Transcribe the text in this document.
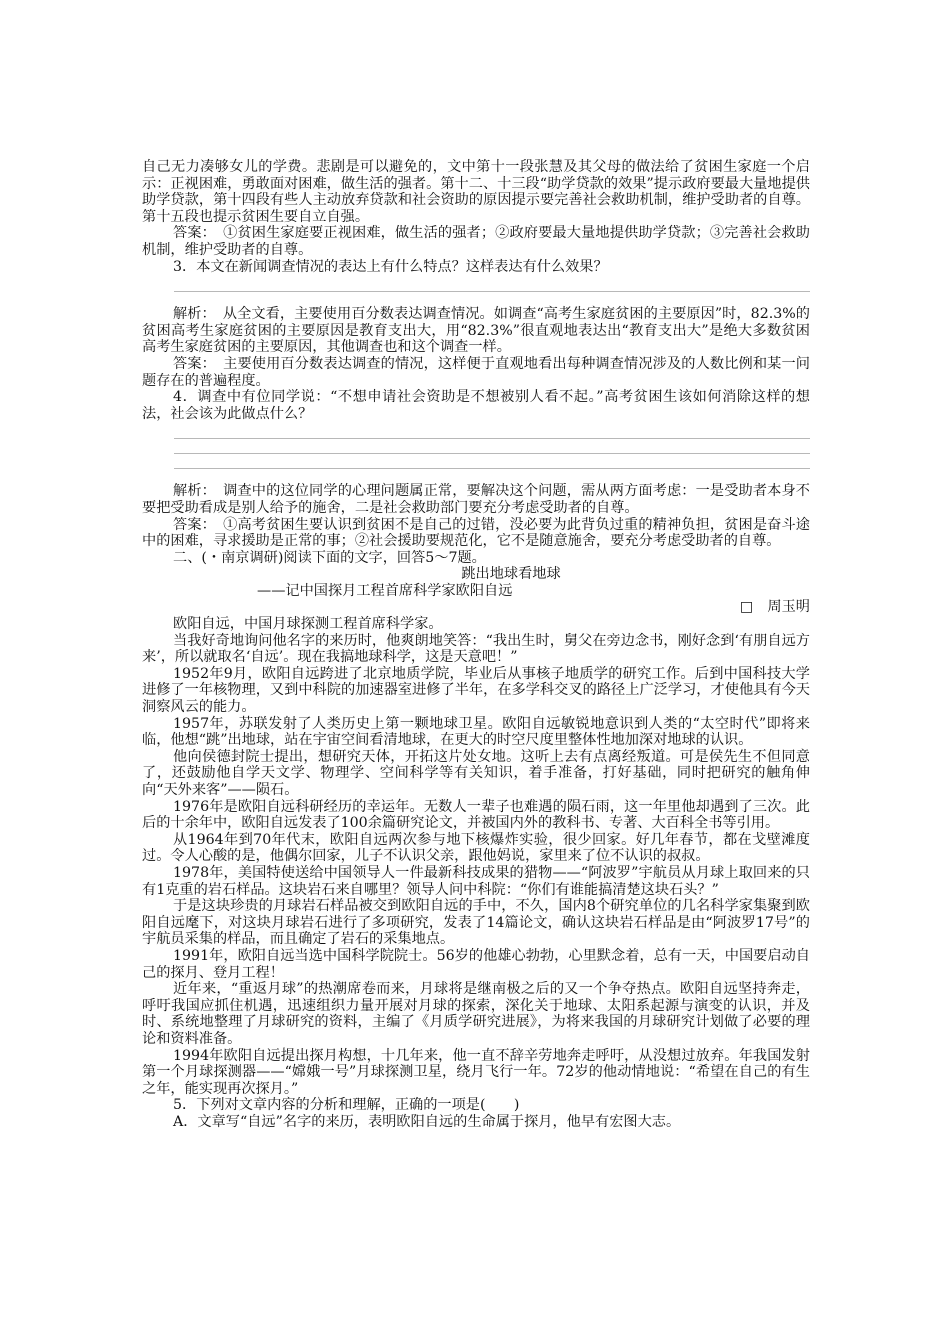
自己无力凑够女儿的学费。悲剧是可以避免的，文中第十一段张慧及其父母的做法给了贫困生家庭一个启示：正视困难，勇敢面对困难，做生活的强者。第十二、十三段“助学贷款的效果”提示政府要最大量地提供助学贷款，第十四段有些人主动放弃贷款和社会资助的原因提示要完善社会救助机制，维护受助者的自尊。第十五段也提示贫困生要自立自强。

答案：　①贫困生家庭要正视困难，做生活的强者；②政府要最大量地提供助学贷款；③完善社会救助机制，维护受助者的自尊。

3．本文在新闻调查情况的表达上有什么特点？这样表达有什么效果？

解析：　从全文看，主要使用百分数表达调查情况。如调查“高考生家庭贫困的主要原因”时，82.3%的贫困高考生家庭贫困的主要原因是教育支出大，用“82.3%”很直观地表达出“教育支出大”是绝大多数贫困高考生家庭贫困的主要原因，其他调查也和这个调查一样。

答案：　主要使用百分数表达调查的情况，这样便于直观地看出每种调查情况涉及的人数比例和某一问题存在的普遍程度。

4．调查中有位同学说：“不想申请社会资助是不想被别人看不起。”高考贫困生该如何消除这样的想法，社会该为此做点什么？

解析：　调查中的这位同学的心理问题属正常，要解决这个问题，需从两方面考虑：一是受助者本身不要把受助看成是别人给予的施舍，二是社会救助部门要充分考虑受助者的自尊。

答案：　①高考贫困生要认识到贫困不是自己的过错，没必要为此背负过重的精神负担，贫困是奋斗途中的困难，寻求援助是正常的事；②社会援助要规范化，它不是随意施舍，要充分考虑受助者的自尊。

二、(・南京调研)阅读下面的文字，回答5～7题。

跳出地球看地球

——记中国探月工程首席科学家欧阳自远

□　周玉明

欧阳自远，中国月球探测工程首席科学家。

当我好奇地询问他名字的来历时，他爽朗地笑答：“我出生时，舅父在旁边念书，刚好念到‘有朋自远方来’，所以就取名‘自远’。现在我搞地球科学，这是天意吧！”

1952年9月，欧阳自远跨进了北京地质学院，毕业后从事核子地质学的研究工作。后到中国科技大学进修了一年核物理，又到中科院的加速器室进修了半年，在多学科交叉的路径上广泛学习，才使他具有今天洞察风云的能力。

1957年，苏联发射了人类历史上第一颗地球卫星。欧阳自远敏锐地意识到人类的“太空时代”即将来临，他想“跳”出地球，站在宇宙空间看清地球，在更大的时空尺度里整体性地加深对地球的认识。

他向侯德封院士提出，想研究天体，开拓这片处女地。这听上去有点离经叛道。可是侯先生不但同意了，还鼓励他自学天文学、物理学、空间科学等有关知识，着手准备，打好基础，同时把研究的触角伸向“天外来客”——陨石。

1976年是欧阳自远科研经历的幸运年。无数人一辈子也难遇的陨石雨，这一年里他却遇到了三次。此后的十余年中，欧阳自远发表了100余篇研究论文，并被国内外的教科书、专著、大百科全书等引用。

从1964年到70年代末，欧阳自远两次参与地下核爆炸实验，很少回家。好几年春节，都在戈壁滩度过。令人心酸的是，他偶尔回家，儿子不认识父亲，跟他妈说，家里来了位不认识的叔叔。

1978年，美国特使送给中国领导人一件最新科技成果的猎物——“阿波罗”宇航员从月球上取回来的只有1克重的岩石样品。这块岩石来自哪里？领导人问中科院：“你们有谁能搞清楚这块石头？”

于是这块珍贵的月球岩石样品被交到欧阳自远的手中，不久，国内8个研究单位的几名科学家集聚到欧阳自远麾下，对这块月球岩石进行了多项研究，发表了14篇论文，确认这块岩石样品是由“阿波罗17号”的宇航员采集的样品，而且确定了岩石的采集地点。

1991年，欧阳自远当选中国科学院院士。56岁的他雄心勃勃，心里默念着，总有一天，中国要启动自己的探月、登月工程！

近年来，“重返月球”的热潮席卷而来，月球将是继南极之后的又一个争夺热点。欧阳自远坚持奔走，呼吁我国应抓住机遇，迅速组织力量开展对月球的探索，深化关于地球、太阳系起源与演变的认识，并及时、系统地整理了月球研究的资料，主编了《月质学研究进展》，为将来我国的月球研究计划做了必要的理论和资料准备。

1994年欧阳自远提出探月构想，十几年来，他一直不辞辛劳地奔走呼吁，从没想过放弃。年我国发射第一个月球探测器——“嫦娥一号”月球探测卫星，绕月飞行一年。72岁的他动情地说：“希望在自己的有生之年，能实现再次探月。”

5．下列对文章内容的分析和理解，正确的一项是(　　)

A．文章写“自远”名字的来历，表明欧阳自远的生命属于探月，他早有宏图大志。
